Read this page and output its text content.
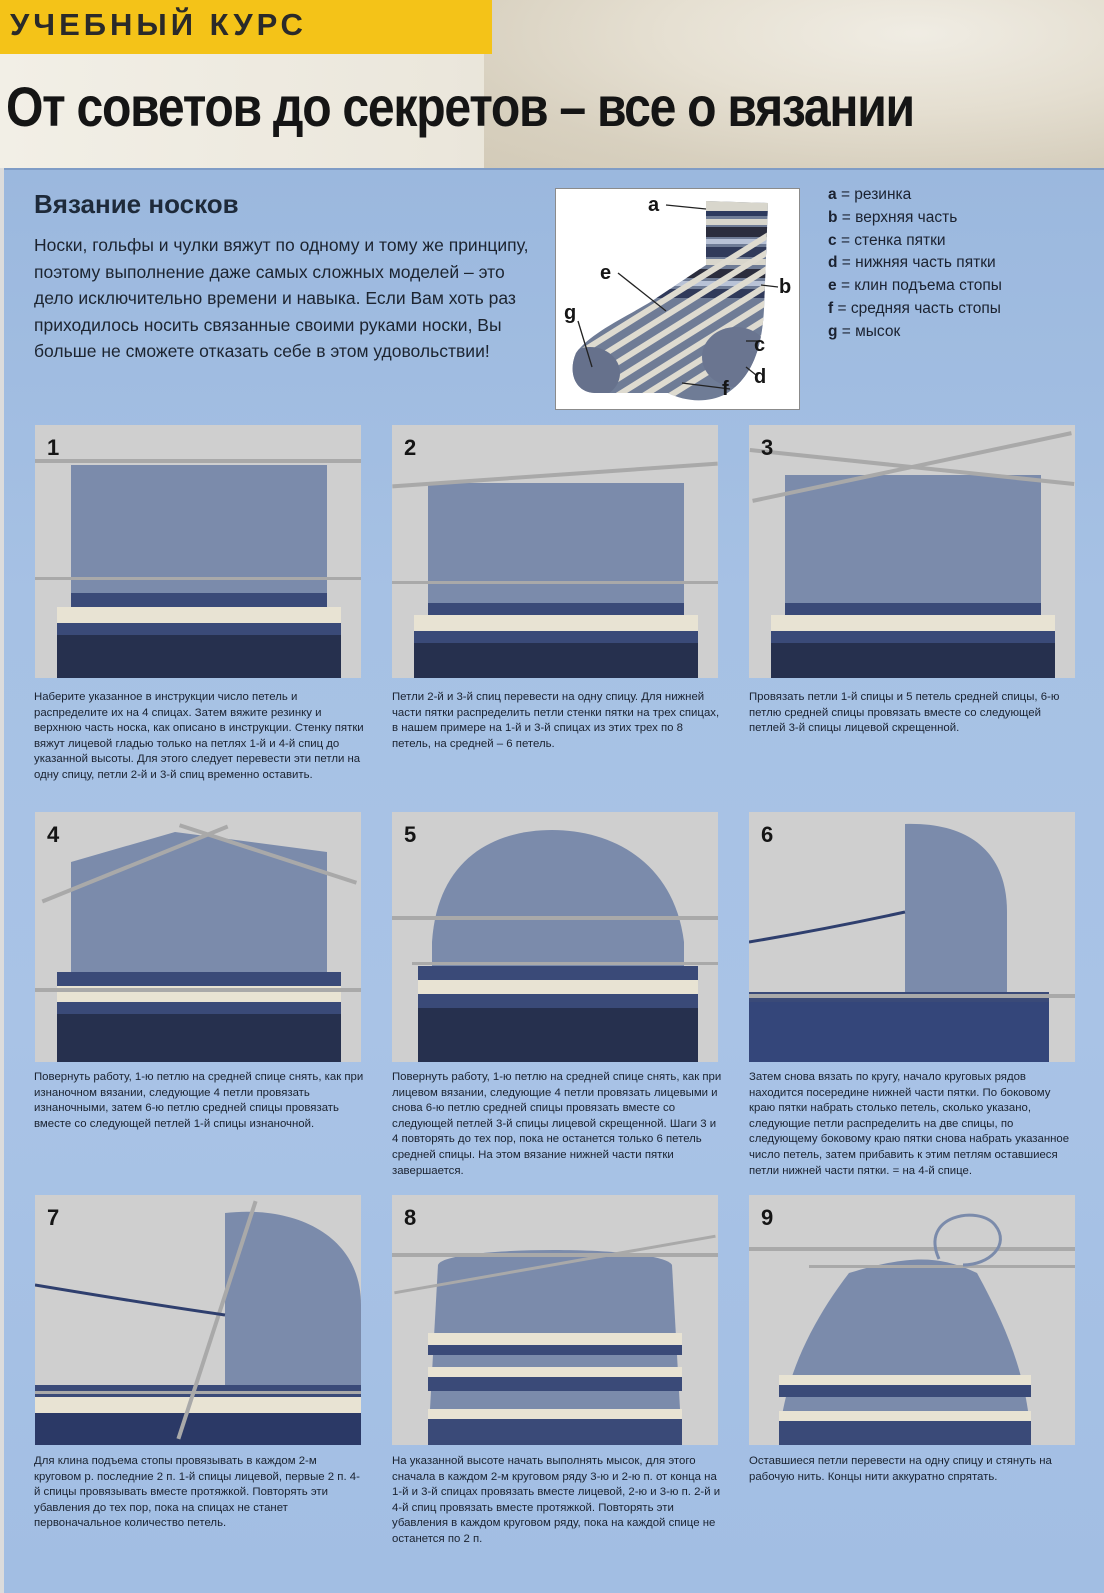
УЧЕБНЫЙ КУРС
От советов до секретов – все о вязании
Вязание носков

Носки, гольфы и чулки вяжут по одному и тому же принципу, поэтому выполнение даже самых сложных моделей – это дело исключительно времени и навыка. Если Вам хоть раз приходилось носить связанные своими руками носки, Вы больше не сможете отказать себе в этом удовольствии!

a
b
c
d
e
f
g
a = резинка
b = верхняя часть
c = стенка пятки
d = нижняя часть пятки
e = клин подъема стопы
f = средняя часть стопы
g = мысок
1	2	3

Наберите указанное в инструкции число петель и распределите их на 4 спицах. Затем вяжите резинку и верхнюю часть носка, как описано в инструкции. Стенку пятки вяжут лицевой гладью только на петлях 1-й и 4-й спиц до указанной высоты. Для этого следует перевести эти петли на одну спицу, петли 2-й и 3-й спиц временно оставить.

Петли 2-й и 3-й спиц перевести на одну спицу. Для нижней части пятки распределить петли стенки пятки на трех спицах, в нашем примере на 1-й и 3-й спицах из этих трех по 8 петель, на средней – 6 петель.

Провязать петли 1-й спицы и 5 петель средней спицы, 6-ю петлю средней спицы провязать вместе со следующей петлей 3-й спицы лицевой скрещенной.

4	5	6

Повернуть работу, 1-ю петлю на средней спице снять, как при изнаночном вязании, следующие 4 петли провязать изнаночными, затем 6-ю петлю средней спицы провязать вместе со следующей петлей 1-й спицы изнаночной.

Повернуть работу, 1-ю петлю на средней спице снять, как при лицевом вязании, следующие 4 петли провязать лицевыми и снова 6-ю петлю средней спицы провязать вместе со следующей петлей 3-й спицы лицевой скрещенной. Шаги 3 и 4 повторять до тех пор, пока не останется только 6 петель средней спицы. На этом вязание нижней части пятки завершается.

Затем снова вязать по кругу, начало круговых рядов находится посередине нижней части пятки. По боковому краю пятки набрать столько петель, сколько указано, следующие петли распределить на две спицы, по следующему боковому краю пятки снова набрать указанное число петель, затем прибавить к этим петлям оставшиеся петли нижней части пятки. = на 4-й спице.

7	8	9

Для клина подъема стопы провязывать в каждом 2-м круговом р. последние 2 п. 1-й спицы лицевой, первые 2 п. 4-й спицы провязывать вместе протяжкой. Повторять эти убавления до тех пор, пока на спицах не станет первоначальное количество петель.

На указанной высоте начать выполнять мысок, для этого сначала в каждом 2-м круговом ряду 3-ю и 2-ю п. от конца на 1-й и 3-й спицах провязать вместе лицевой, 2-ю и 3-ю п. 2-й и 4-й спиц провязать вместе протяжкой. Повторять эти убавления в каждом круговом ряду, пока на каждой спице не останется по 2 п.

Оставшиеся петли перевести на одну спицу и стянуть на рабочую нить. Концы нити аккуратно спрятать.
